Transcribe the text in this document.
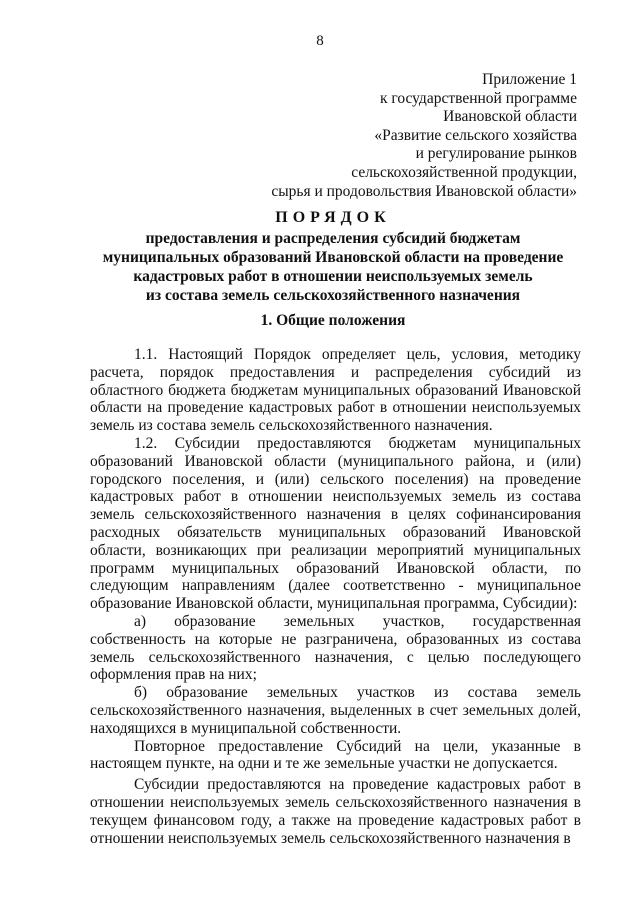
8
Приложение 1
к государственной программе
Ивановской области
«Развитие сельского хозяйства
и регулирование рынков
сельскохозяйственной продукции,
сырья и продовольствия Ивановской области»
ПОРЯДОК
предоставления и распределения субсидий бюджетам
муниципальных образований Ивановской области на проведение
кадастровых работ в отношении неиспользуемых земель
из состава земель сельскохозяйственного назначения
1. Общие положения

1.1. Настоящий Порядок определяет цель, условия, методику расчета, порядок предоставления и распределения субсидий из областного бюджета бюджетам муниципальных образований Ивановской области на проведение кадастровых работ в отношении неиспользуемых земель из состава земель сельскохозяйственного назначения.

1.2. Субсидии предоставляются бюджетам муниципальных образований Ивановской области (муниципального района, и (или) городского поселения, и (или) сельского поселения) на проведение кадастровых работ в отношении неиспользуемых земель из состава земель сельскохозяйственного назначения в целях софинансирования расходных обязательств муниципальных образований Ивановской области, возникающих при реализации мероприятий муниципальных программ муниципальных образований Ивановской области, по следующим направлениям (далее соответственно - муниципальное образование Ивановской области, муниципальная программа, Субсидии):

а) образование земельных участков, государственная собственность на которые не разграничена, образованных из состава земель сельскохозяйственного назначения, с целью последующего оформления прав на них;

б) образование земельных участков из состава земель сельскохозяйственного назначения, выделенных в счет земельных долей, находящихся в муниципальной собственности.

Повторное предоставление Субсидий на цели, указанные в настоящем пункте, на одни и те же земельные участки не допускается.

Субсидии предоставляются на проведение кадастровых работ в отношении неиспользуемых земель сельскохозяйственного назначения в текущем финансовом году, а также на проведение кадастровых работ в отношении неиспользуемых земель сельскохозяйственного назначения в
